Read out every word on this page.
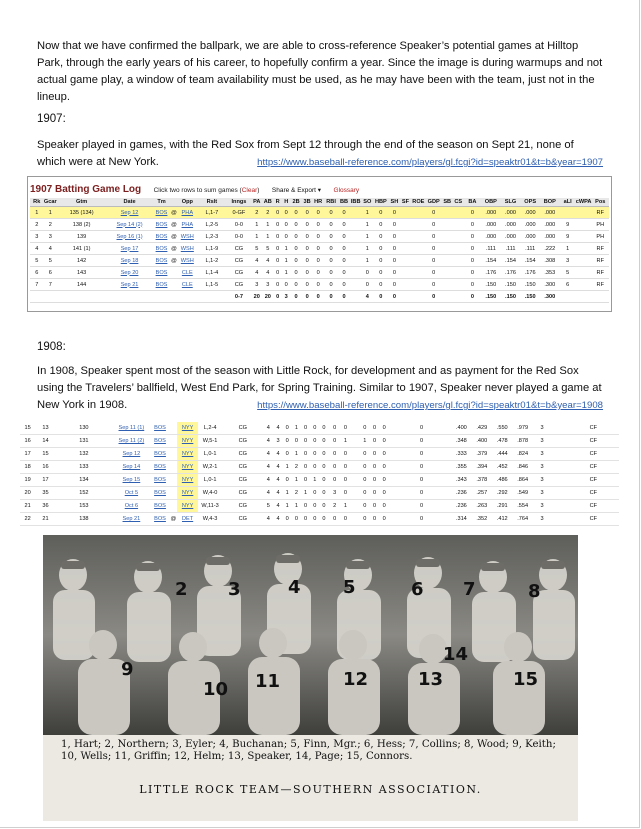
Now that we have confirmed the ballpark, we are able to cross-reference Speaker’s potential games at Hilltop Park, through the early years of his career, to hopefully confirm a year. Since the image is during warmups and not actual game play, a window of team availability must be used, as he may have been with the team, just not in the lineup.

1907:

Speaker played in games, with the Red Sox from Sept 12 through the end of the season on Sept 21, none of which were at New York.	https://www.baseball-reference.com/players/gl.fcgi?id=speaktr01&t=b&year=1907

1907 Batting Game Log Click two rows to sum games (Clear) Share & Export ▾ Glossary
Rk	Gcar	Gtm	Date	Tm		Opp	Rslt	Inngs	PA	AB	R	H	2B	3B	HR	RBI	BB	IBB	SO	HBP	SH	SF	ROE	GDP	SB	CS	BA	OBP	SLG	OPS	BOP	aLI	cWPA	Pos
1	1	135 (134)	Sep 12	BOS	@	PHA	L,1-7	0-GF	2	2	0	0	0	0	0	0	0		1	0	0			0			0	.000	.000	.000	.000			RF
2	2	138 (2)	Sep 14 (2)	BOS	@	PHA	L,2-5	0-0	1	1	0	0	0	0	0	0	0		1	0	0			0			0	.000	.000	.000	.000	9		PH
3	3	139	Sep 16 (1)	BOS	@	WSH	L,2-3	0-0	1	1	0	0	0	0	0	0	0		1	0	0			0			0	.000	.000	.000	.000	9		PH
4	4	141 (1)	Sep 17	BOS	@	WSH	L,1-9	CG	5	5	0	1	0	0	0	0	0		1	0	0			0			0	.111	.111	.111	.222	1		RF
5	5	142	Sep 18	BOS	@	WSH	L,1-2	CG	4	4	0	1	0	0	0	0	0		1	0	0			0			0	.154	.154	.154	.308	3		RF
6	6	143	Sep 20	BOS		CLE	L,1-4	CG	4	4	0	1	0	0	0	0	0		0	0	0			0			0	.176	.176	.176	.353	5		RF
7	7	144	Sep 21	BOS		CLE	L,1-5	CG	3	3	0	0	0	0	0	0	0		0	0	0			0			0	.150	.150	.150	.300	6		RF
								0-7	20	20	0	3	0	0	0	0	0		4	0	0			0			0	.150	.150	.150	.300			

1908:

In 1908, Speaker spent most of the season with Little Rock, for development and as payment for the Red Sox using the Travelers’ ballfield, West End Park, for Spring Training. Similar to 1907, Speaker never played a game at New York in 1908.	https://www.baseball-reference.com/players/gl.fcgi?id=speaktr01&t=b&year=1908

15	13	130	Sep 11 (1)	BOS		NYY	L,2-4	CG	4	4	0	1	0	0	0	0	0		0	0	0			0			.400	.429	.550	.979	3			CF
16	14	131	Sep 11 (2)	BOS		NYY	W,5-1	CG	4	3	0	0	0	0	0	0	1		1	0	0			0			.348	.400	.478	.878	3			CF
17	15	132	Sep 12	BOS		NYY	L,0-1	CG	4	4	0	1	0	0	0	0	0		0	0	0			0			.333	.379	.444	.824	3			CF
18	16	133	Sep 14	BOS		NYY	W,2-1	CG	4	4	1	2	0	0	0	0	0		0	0	0			0			.355	.394	.452	.846	3			CF
19	17	134	Sep 15	BOS		NYY	L,0-1	CG	4	4	0	1	0	1	0	0	0		0	0	0			0			.343	.378	.486	.864	3			CF
20	35	152	Oct 5	BOS		NYY	W,4-0	CG	4	4	1	2	1	0	0	3	0		0	0	0			0			.236	.257	.292	.549	3			CF
21	36	153	Oct 6	BOS		NYY	W,11-3	CG	5	4	1	1	0	0	0	2	1		0	0	0			0			.236	.263	.291	.554	3			CF
22	21	138	Sep 21	BOS	@	DET	W,4-3	CG	4	4	0	0	0	0	0	0	0		0	0	0			0			.314	.352	.412	.764	3			CF
2 3	4 5	6 7	8
9
10 11	12	13
14
15
1, Hart; 2, Northern; 3, Eyler; 4, Buchanan; 5, Finn, Mgr.; 6, Hess; 7, Collins; 8, Wood; 9, Keith; 10, Wells; 11, Griffin; 12, Helm; 13, Speaker, 14, Page; 15, Connors.
LITTLE ROCK TEAM—SOUTHERN ASSOCIATION.
